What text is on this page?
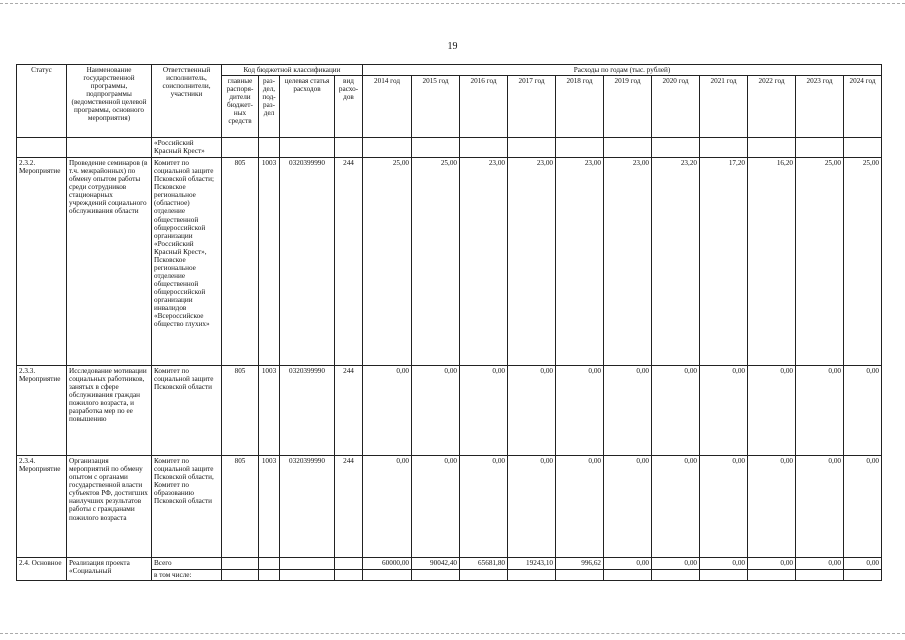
19
Статус	Наименование государственной программы, подпрограммы (ведомственной целевой программы, основного мероприятия)	Ответственный исполнитель, соисполнители, участники	Код бюджетной классификации				Расходы по годам (тыс. рублей)										
			главные распоря-дители бюджет-ных средств	раз-дел, под-раз-дел	целевая статья расходов	вид расхо-дов	2014 год	2015 год	2016 год	2017 год	2018 год	2019 год	2020 год	2021 год	2022 год	2023 год	2024 год
		«Российский Красный Крест»															
2.3.2. Мероприятие	Проведение семинаров (в т.ч. межрайонных) по обмену опытом работы среди сотрудников стационарных учреждений социального обслуживания области	Комитет по социальной защите Псковской области; Псковское региональное (областное) отделение общественной общероссийской организации «Российский Красный Крест», Псковское региональное отделение общественной общероссийской организации инвалидов «Всероссийское общество глухих»	805	1003	0320399990	244	25,00	25,00	23,00	23,00	23,00	23,00	23,20	17,20	16,20	25,00	25,00
2.3.3. Мероприятие	Исследование мотивации социальных работников, занятых в сфере обслуживания граждан пожилого возраста, и разработка мер по ее повышению	Комитет по социальной защите Псковской области	805	1003	0320399990	244	0,00	0,00	0,00	0,00	0,00	0,00	0,00	0,00	0,00	0,00	0,00
2.3.4. Мероприятие	Организация мероприятий по обмену опытом с органами государственной власти субъектов РФ, достигших наилучших результатов работы с гражданами пожилого возраста	Комитет по социальной защите Псковской области, Комитет по образованию Псковской области	805	1003	0320399990	244	0,00	0,00	0,00	0,00	0,00	0,00	0,00	0,00	0,00	0,00	0,00
2.4. Основное	Реализация проекта «Социальный	Всего					60000,00	90042,40	65681,80	19243,10	996,62	0,00	0,00	0,00	0,00	0,00	0,00
		в том числе:															
